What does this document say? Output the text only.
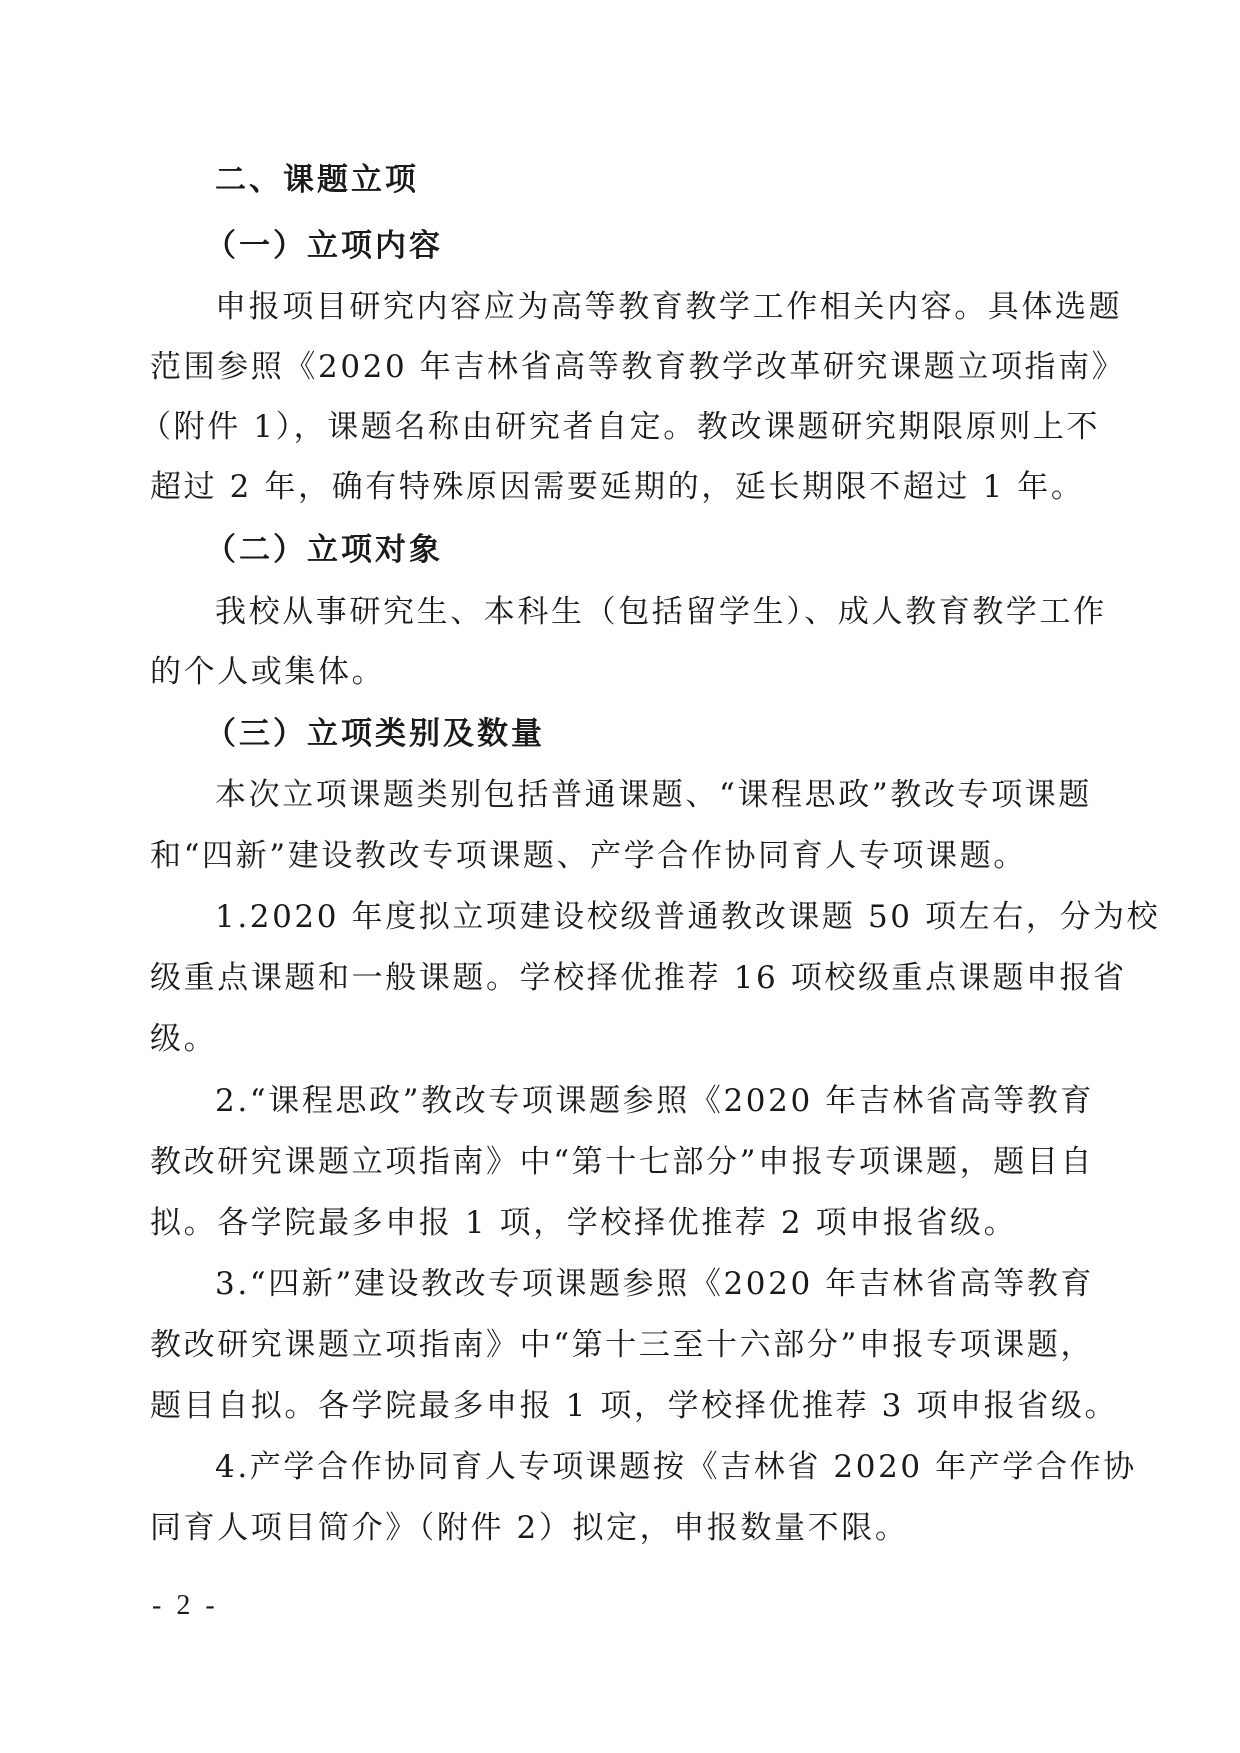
二、课题立项
（一）立项内容
申报项目研究内容应为高等教育教学工作相关内容。具体选题
范围参照《2020 年吉林省高等教育教学改革研究课题立项指南》
（附件 1），课题名称由研究者自定。教改课题研究期限原则上不
超过 2 年，确有特殊原因需要延期的，延长期限不超过 1 年。
（二）立项对象
我校从事研究生、本科生（包括留学生）、成人教育教学工作
的个人或集体。
（三）立项类别及数量
本次立项课题类别包括普通课题、“课程思政”教改专项课题
和“四新”建设教改专项课题、产学合作协同育人专项课题。
1.2020 年度拟立项建设校级普通教改课题 50 项左右，分为校
级重点课题和一般课题。学校择优推荐 16 项校级重点课题申报省
级。
2.“课程思政”教改专项课题参照《2020 年吉林省高等教育
教改研究课题立项指南》中“第十七部分”申报专项课题，题目自
拟。各学院最多申报 1 项，学校择优推荐 2 项申报省级。
3.“四新”建设教改专项课题参照《2020 年吉林省高等教育
教改研究课题立项指南》中“第十三至十六部分”申报专项课题，
题目自拟。各学院最多申报 1 项，学校择优推荐 3 项申报省级。
4.产学合作协同育人专项课题按《吉林省 2020 年产学合作协
同育人项目简介》（附件 2）拟定，申报数量不限。
- 2 -
